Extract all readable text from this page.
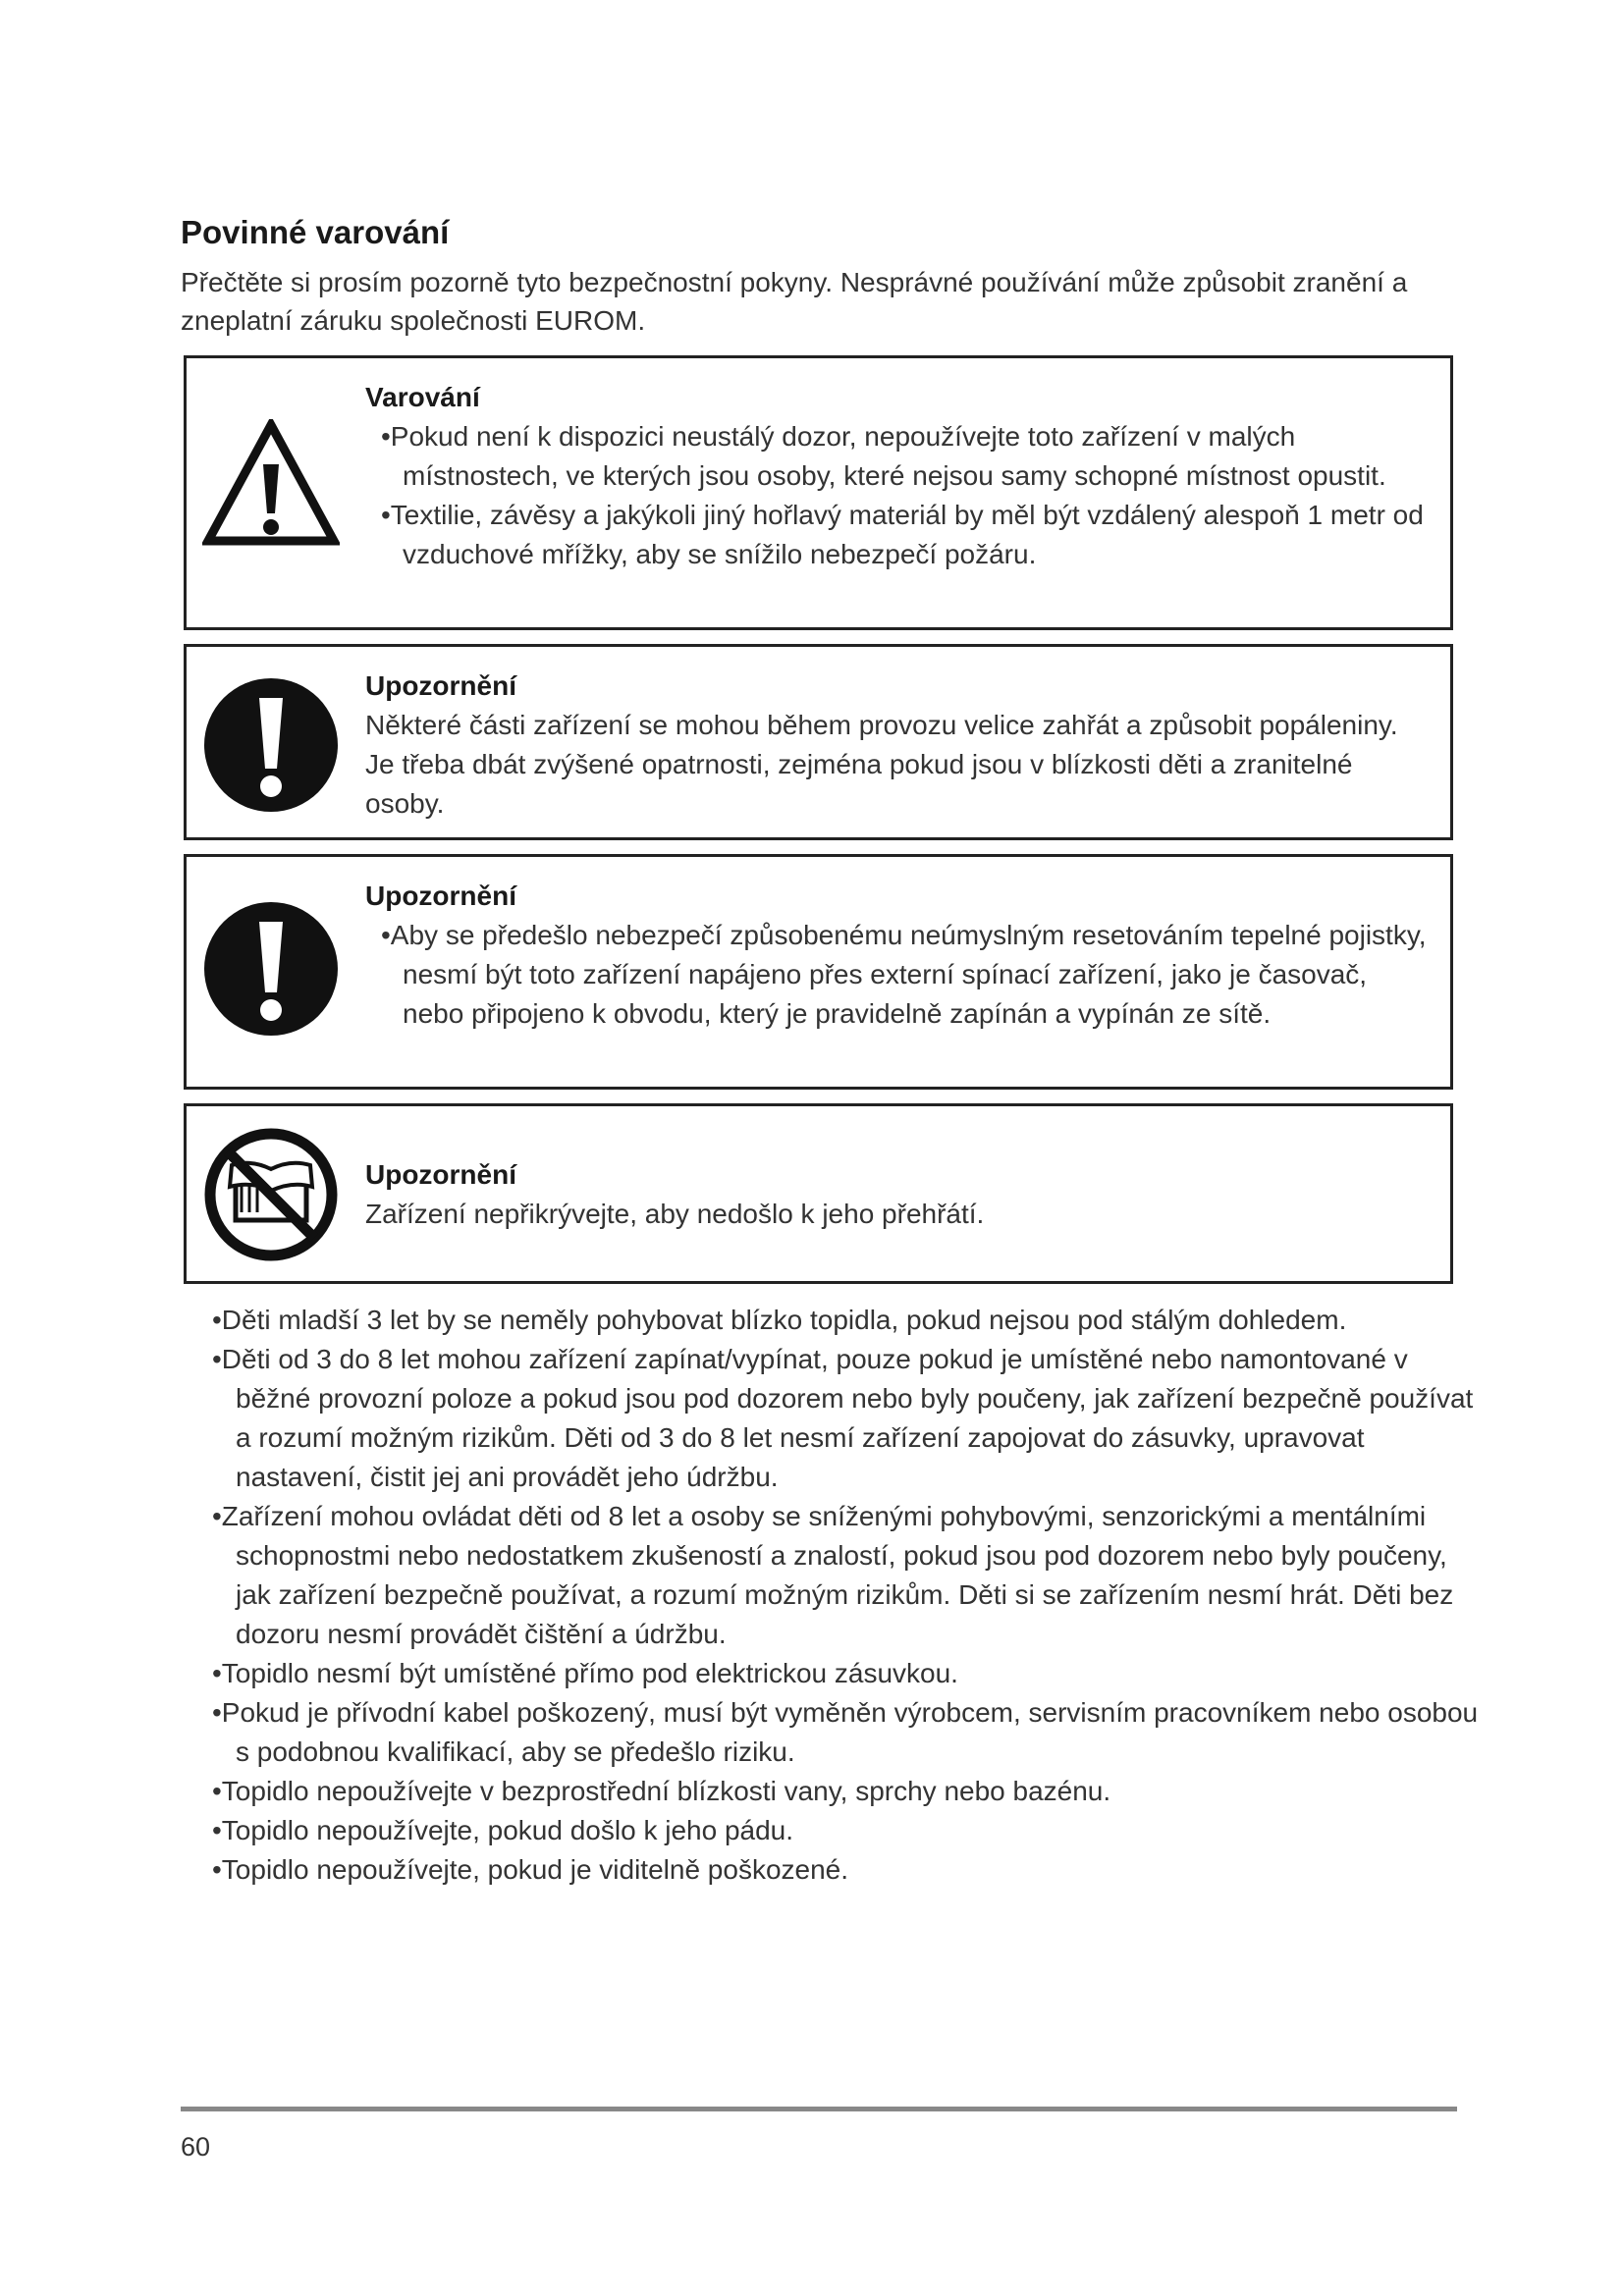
Povinné varování
Přečtěte si prosím pozorně tyto bezpečnostní pokyny. Nesprávné používání může způsobit zranění a zneplatní záruku společnosti EUROM.
Varování
•Pokud není k dispozici neustálý dozor, nepoužívejte toto zařízení v malých místnostech, ve kterých jsou osoby, které nejsou samy schopné místnost opustit.
•Textilie, závěsy a jakýkoli jiný hořlavý materiál by měl být vzdálený alespoň 1 metr od vzduchové mřížky, aby se snížilo nebezpečí požáru.
Upozornění
Některé části zařízení se mohou během provozu velice zahřát a způsobit popáleniny. Je třeba dbát zvýšené opatrnosti, zejména pokud jsou v blízkosti děti a zranitelné osoby.
Upozornění
•Aby se předešlo nebezpečí způsobenému neúmyslným resetováním tepelné pojistky, nesmí být toto zařízení napájeno přes externí spínací zařízení, jako je časovač, nebo připojeno k obvodu, který je pravidelně zapínán a vypínán ze sítě.
Upozornění
Zařízení nepřikrývejte, aby nedošlo k jeho přehřátí.
•Děti mladší 3 let by se neměly pohybovat blízko topidla, pokud nejsou pod stálým dohledem.
•Děti od 3 do 8 let mohou zařízení zapínat/vypínat, pouze pokud je umístěné nebo namontované v běžné provozní poloze a pokud jsou pod dozorem nebo byly poučeny, jak zařízení bezpečně používat a rozumí možným rizikům. Děti od 3 do 8 let nesmí zařízení zapojovat do zásuvky, upravovat nastavení, čistit jej ani provádět jeho údržbu.
•Zařízení mohou ovládat děti od 8 let a osoby se sníženými pohybovými, senzorickými a mentálními schopnostmi nebo nedostatkem zkušeností a znalostí, pokud jsou pod dozorem nebo byly poučeny, jak zařízení bezpečně používat, a rozumí možným rizikům. Děti si se zařízením nesmí hrát. Děti bez dozoru nesmí provádět čištění a údržbu.
•Topidlo nesmí být umístěné přímo pod elektrickou zásuvkou.
•Pokud je přívodní kabel poškozený, musí být vyměněn výrobcem, servisním pracovníkem nebo osobou s podobnou kvalifikací, aby se předešlo riziku.
•Topidlo nepoužívejte v bezprostřední blízkosti vany, sprchy nebo bazénu.
•Topidlo nepoužívejte, pokud došlo k jeho pádu.
•Topidlo nepoužívejte, pokud je viditelně poškozené.
60
